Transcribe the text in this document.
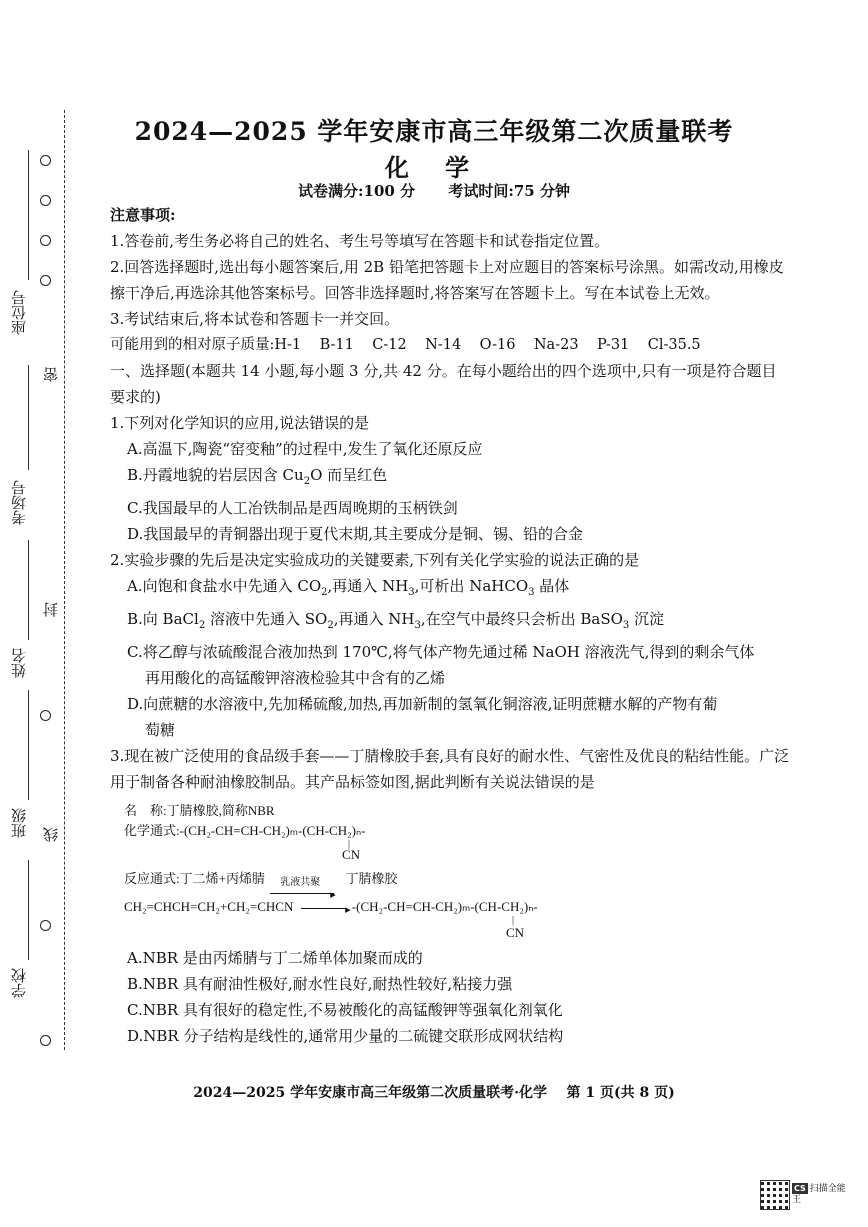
密
封
线
座位号
考场号
姓名
班级
学校
2024—2025 学年安康市高三年级第二次质量联考
化 学
试卷满分:100 分 考试时间:75 分钟

注意事项:

1.答卷前,考生务必将自己的姓名、考生号等填写在答题卡和试卷指定位置。

2.回答选择题时,选出每小题答案后,用 2B 铅笔把答题卡上对应题目的答案标号涂黑。如需改动,用橡皮擦干净后,再选涂其他答案标号。回答非选择题时,将答案写在答题卡上。写在本试卷上无效。

3.考试结束后,将本试卷和答题卡一并交回。

可能用到的相对原子质量:H-1    B-11    C-12    N-14    O-16    Na-23    P-31    Cl-35.5

一、选择题(本题共 14 小题,每小题 3 分,共 42 分。在每小题给出的四个选项中,只有一项是符合题目要求的)

1.下列对化学知识的应用,说法错误的是

A.高温下,陶瓷“窑变釉”的过程中,发生了氧化还原反应

B.丹霞地貌的岩层因含 $Cu_2O$ 而呈红色

C.我国最早的人工冶铁制品是西周晚期的玉柄铁剑

D.我国最早的青铜器出现于夏代末期,其主要成分是铜、锡、铅的合金

2.实验步骤的先后是决定实验成功的关键要素,下列有关化学实验的说法正确的是

A.向饱和食盐水中先通入 $CO_2$,再通入 $NH_3$,可析出 NaHCO$_3$ 晶体

B.向 BaCl$_2$ 溶液中先通入 $SO_2$,再通入 $NH_3$,在空气中最终只会析出 BaSO$_3$ 沉淀

C.将乙醇与浓硫酸混合液加热到 170℃,将气体产物先通过稀 NaOH 溶液洗气,得到的剩余气体

再用酸化的高锰酸钾溶液检验其中含有的乙烯

D.向蔗糖的水溶液中,先加稀硫酸,加热,再加新制的氢氧化铜溶液,证明蔗糖水解的产物有葡

萄糖

3.现在被广泛使用的食品级手套——丁腈橡胶手套,具有良好的耐水性、气密性及优良的粘结性能。广泛用于制备各种耐油橡胶制品。其产品标签如图,据此判断有关说法错误的是

名    称:丁腈橡胶,简称NBR
化学通式:-(CH₂-CH=CH-CH₂)ₘ-(CH-CH₂)ₙ-
|
CN
反应通式:丁二烯+丙烯腈 乳液共聚
▸
丁腈橡胶
CH₂=CHCH=CH₂+CH₂=CHCN	▸ -(CH₂-CH=CH-CH₂)ₘ-(CH-CH₂)ₙ-
|
CN

A.NBR 是由丙烯腈与丁二烯单体加聚而成的

B.NBR 具有耐油性极好,耐水性良好,耐热性较好,粘接力强

C.NBR 具有很好的稳定性,不易被酸化的高锰酸钾等强氧化剂氧化

D.NBR 分子结构是线性的,通常用少量的二硫键交联形成网状结构

2024—2025 学年安康市高三年级第二次质量联考·化学    第 1 页(共 8 页)
CS 扫描全能王
